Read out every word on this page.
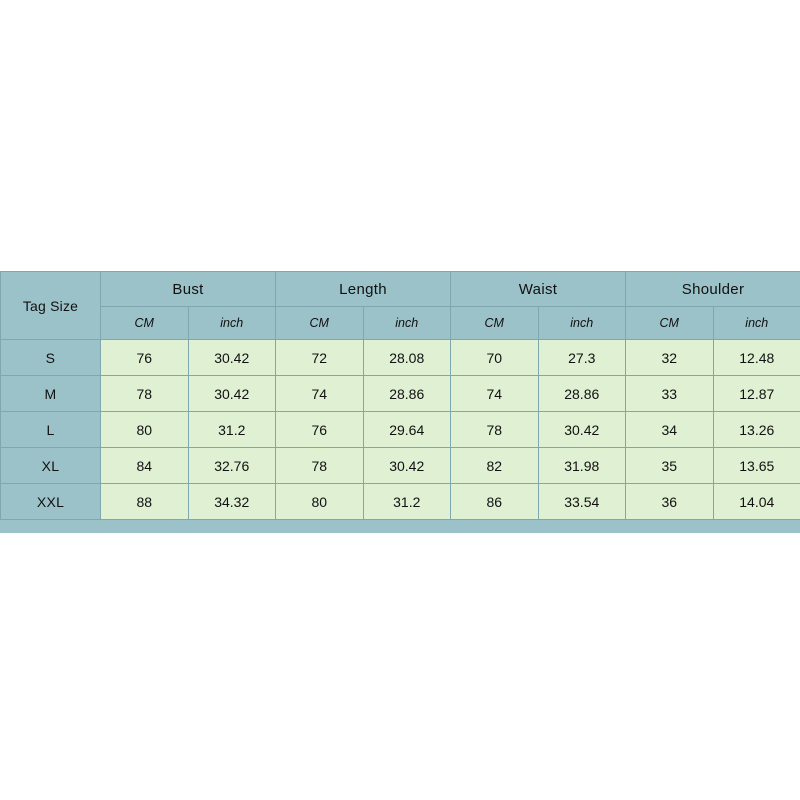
Tag Size	Bust		Length		Waist		Shoulder	
	CM	inch	CM	inch	CM	inch	CM	inch
S	76	30.42	72	28.08	70	27.3	32	12.48
M	78	30.42	74	28.86	74	28.86	33	12.87
L	80	31.2	76	29.64	78	30.42	34	13.26
XL	84	32.76	78	30.42	82	31.98	35	13.65
XXL	88	34.32	80	31.2	86	33.54	36	14.04
